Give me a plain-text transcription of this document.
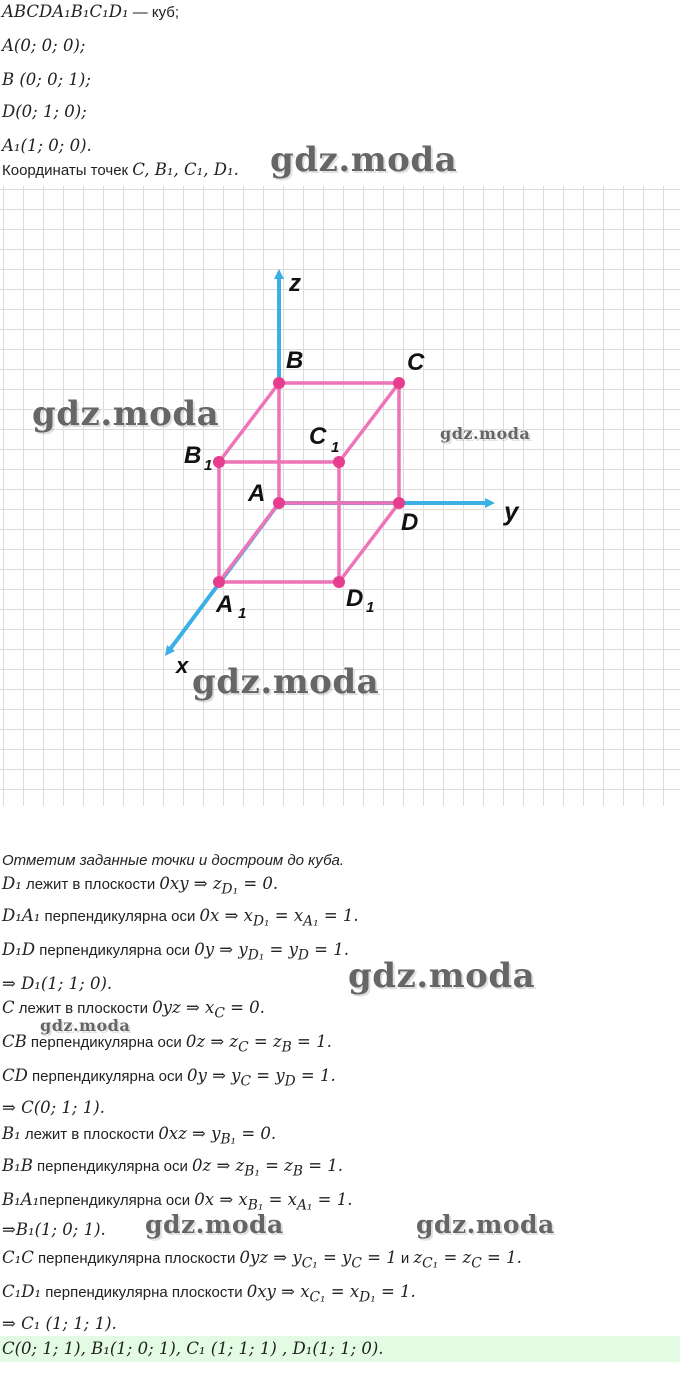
ABCDA₁B₁C₁D₁ — куб;
A(0; 0; 0);
B (0; 0; 1);
D(0; 1; 0);
A₁(1; 0; 0).
Координаты точек C, B₁, C₁, D₁.
z
y
x
B	C
A
D
C 1
B 1
A 1
D 1
Отметим заданные точки и достроим до куба.
D₁ лежит в плоскости 0xy ⇒ $z_{D_1} = 0$.
D₁A₁ перпендикулярна оси 0x ⇒ $x_{D_1} = x_{A_1} = 1$.
D₁D перпендикулярна оси 0y ⇒ $y_{D_1} = y_D = 1$.
⇒ D₁(1; 1; 0).
C лежит в плоскости 0yz ⇒ $x_C = 0$.
CB перпендикулярна оси 0z ⇒ $z_C = z_B = 1$.
CD перпендикулярна оси 0y ⇒ $y_C = y_D = 1$.
⇒ C(0; 1; 1).
B₁ лежит в плоскости 0xz ⇒ $y_{B_1} = 0$.
B₁B перпендикулярна оси 0z ⇒ $z_{B_1} = z_B = 1$.
B₁A₁перпендикулярна оси 0x ⇒ $x_{B_1} = x_{A_1} = 1$.
⇒B₁(1; 0; 1).
C₁C перпендикулярна плоскости 0yz ⇒ $y_{C_1} = y_C = 1$ и $z_{C_1} = z_C = 1$.
C₁D₁ перпендикулярна плоскости 0xy ⇒ $x_{C_1} = x_{D_1} = 1$.
⇒ C₁ (1; 1; 1).
C(0; 1; 1), B₁(1; 0; 1), C₁ (1; 1; 1) , D₁(1; 1; 0).
gdz.moda
gdz.moda	gdz.moda
gdz.moda
gdz.moda
gdz.moda
gdz.moda	gdz.moda
